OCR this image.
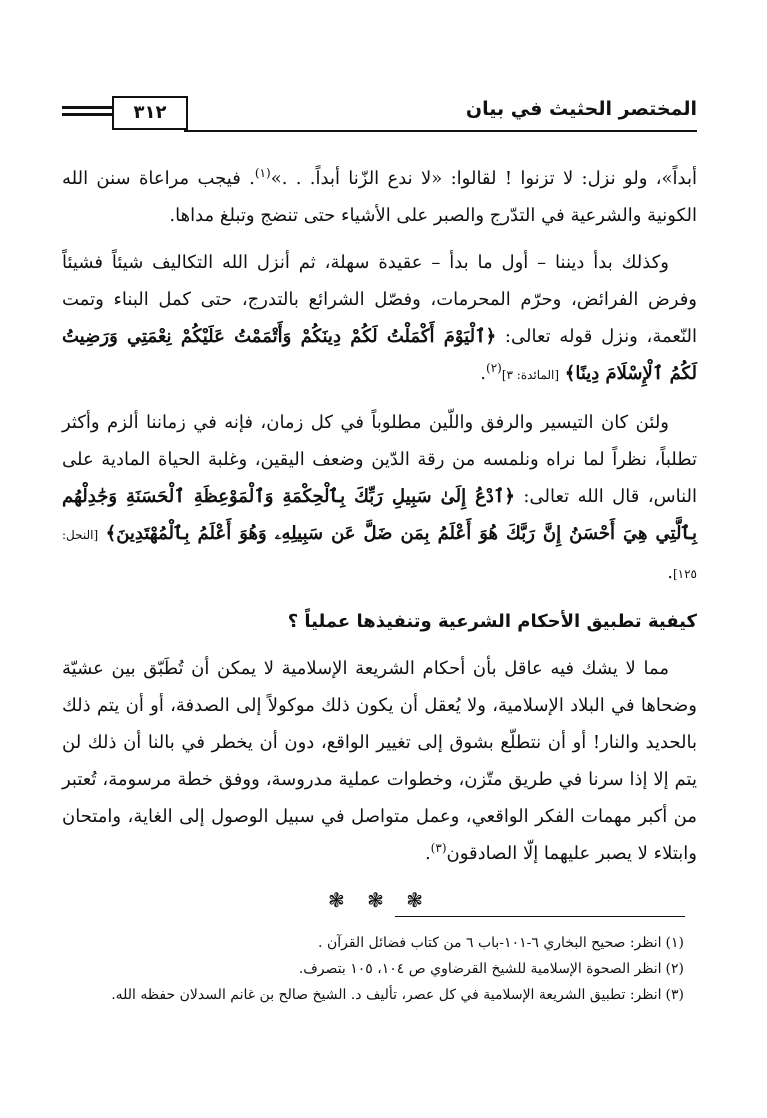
المختصر الحثيث في بيان
٣١٢

أبداً»، ولو نزل: لا تزنوا ! لقالوا: «لا ندع الزّنا أبداً. . .»$^{(١)}$. فيجب مراعاة سنن الله الكونية والشرعية في التدّرج والصبر على الأشياء حتى تنضج وتبلغ مداها.

وكذلك بدأ ديننا – أول ما بدأ – عقيدة سهلة، ثم أنزل الله التكاليف شيئاً فشيئاً وفرض الفرائض، وحرّم المحرمات، وفصّل الشرائع بالتدرج، حتى كمل البناء وتمت النّعمة، ونزل قوله تعالى: ﴿ٱلْيَوْمَ أَكْمَلْتُ لَكُمْ دِينَكُمْ وَأَتْمَمْتُ عَلَيْكُمْ نِعْمَتِي وَرَضِيتُ لَكُمُ ٱلْإِسْلَامَ دِينًا﴾ [المائدة: ٣]$^{(٢)}$.

ولئن كان التيسير والرفق واللّين مطلوباً في كل زمان، فإنه في زماننا ألزم وأكثر تطلباً، نظراً لما نراه ونلمسه من رقة الدّين وضعف اليقين، وغلبة الحياة المادية على الناس، قال الله تعالى: ﴿ٱدْعُ إِلَىٰ سَبِيلِ رَبِّكَ بِٱلْحِكْمَةِ وَٱلْمَوْعِظَةِ ٱلْحَسَنَةِ وَجَٰدِلْهُم بِٱلَّتِي هِيَ أَحْسَنُ إِنَّ رَبَّكَ هُوَ أَعْلَمُ بِمَن ضَلَّ عَن سَبِيلِهِۦ وَهُوَ أَعْلَمُ بِٱلْمُهْتَدِينَ﴾ [النحل: ١٢٥].

كيفية تطبيق الأحكام الشرعية وتنفيذها عملياً ؟

مما لا يشك فيه عاقل بأن أحكام الشريعة الإسلامية لا يمكن أن تُطَبّق بين عشيّة وضحاها في البلاد الإسلامية، ولا يُعقل أن يكون ذلك موكولاً إلى الصدفة، أو أن يتم ذلك بالحديد والنار! أو أن نتطلّع بشوق إلى تغيير الواقع، دون أن يخطر في بالنا أن ذلك لن يتم إلا إذا سرنا في طريق متّزن، وخطوات عملية مدروسة، ووفق خطة مرسومة، تُعتبر من أكبر مهمات الفكر الواقعي، وعمل متواصل في سبيل الوصول إلى الغاية، وامتحان وابتلاء لا يصبر عليهما إلّا الصادقون$^{(٣)}$.

❃ ❃ ❃

(١)انظر: صحيح البخاري ٦-١٠١-باب ٦ من كتاب فضائل القرآن .

(٢)انظر الصحوة الإسلامية للشيخ القرضاوي ص ١٠٤، ١٠٥ بتصرف.

(٣)انظر: تطبيق الشريعة الإسلامية في كل عصر، تأليف د. الشيخ صالح بن غانم السدلان حفظه الله.
